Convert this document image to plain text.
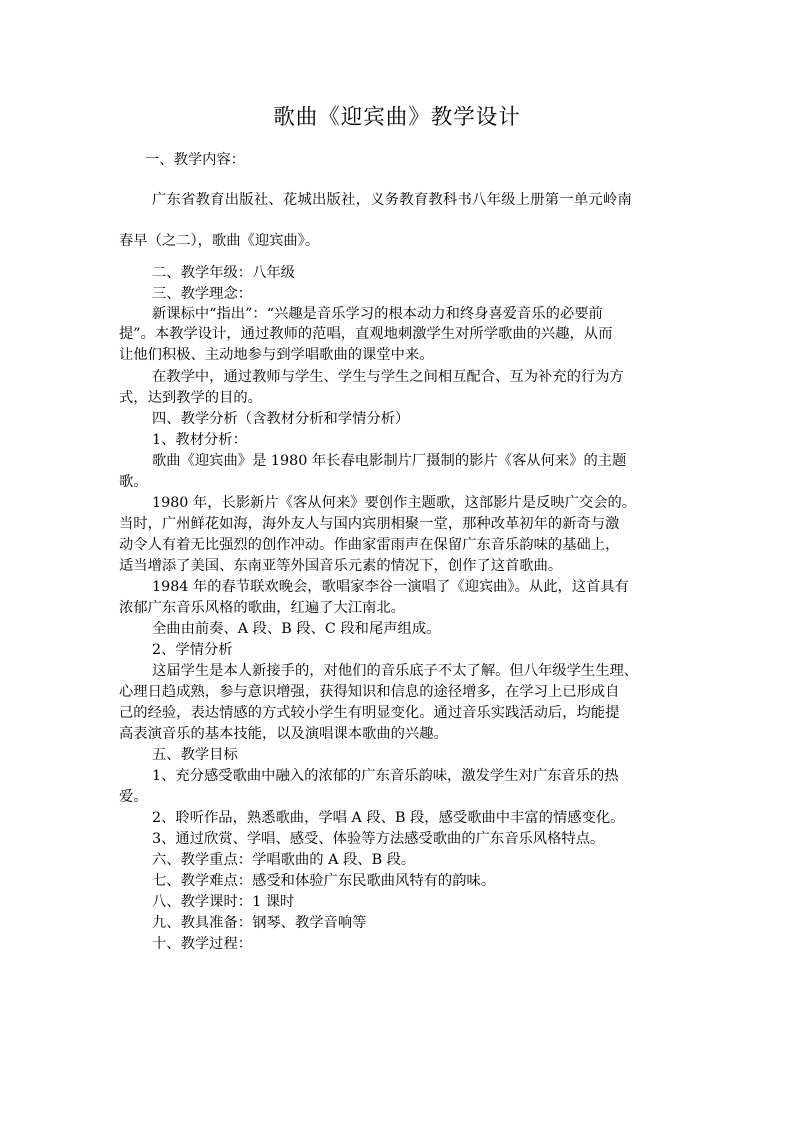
歌曲《迎宾曲》教学设计
一、教学内容：
广东省教育出版社、花城出版社，义务教育教科书八年级上册第一单元岭南
春早（之二），歌曲《迎宾曲》。
二、教学年级：八年级
三、教学理念：
新课标中“指出”：“兴趣是音乐学习的根本动力和终身喜爱音乐的必要前
提”。本教学设计，通过教师的范唱，直观地刺激学生对所学歌曲的兴趣，从而
让他们积极、主动地参与到学唱歌曲的课堂中来。
在教学中，通过教师与学生、学生与学生之间相互配合、互为补充的行为方
式，达到教学的目的。
四、教学分析（含教材分析和学情分析）
1、教材分析：
歌曲《迎宾曲》是 1980 年长春电影制片厂摄制的影片《客从何来》的主题
歌。
1980 年，长影新片《客从何来》要创作主题歌，这部影片是反映广交会的。
当时，广州鲜花如海，海外友人与国内宾朋相聚一堂，那种改革初年的新奇与激
动令人有着无比强烈的创作冲动。作曲家雷雨声在保留广东音乐韵味的基础上，
适当增添了美国、东南亚等外国音乐元素的情况下，创作了这首歌曲。
1984 年的春节联欢晚会，歌唱家李谷一演唱了《迎宾曲》。从此，这首具有
浓郁广东音乐风格的歌曲，红遍了大江南北。
全曲由前奏、A 段、B 段、C 段和尾声组成。
2、学情分析
这届学生是本人新接手的，对他们的音乐底子不太了解。但八年级学生生理、
心理日趋成熟，参与意识增强，获得知识和信息的途径增多，在学习上已形成自
己的经验，表达情感的方式较小学生有明显变化。通过音乐实践活动后，均能提
高表演音乐的基本技能，以及演唱课本歌曲的兴趣。
五、教学目标
1、充分感受歌曲中融入的浓郁的广东音乐韵味，激发学生对广东音乐的热
爱。
2、聆听作品，熟悉歌曲，学唱 A 段、B 段，感受歌曲中丰富的情感变化。
3、通过欣赏、学唱、感受、体验等方法感受歌曲的广东音乐风格特点。
六、教学重点：学唱歌曲的 A 段、B 段。
七、教学难点：感受和体验广东民歌曲风特有的韵味。
八、教学课时：1 课时
九、教具准备：钢琴、教学音响等
十、教学过程：
